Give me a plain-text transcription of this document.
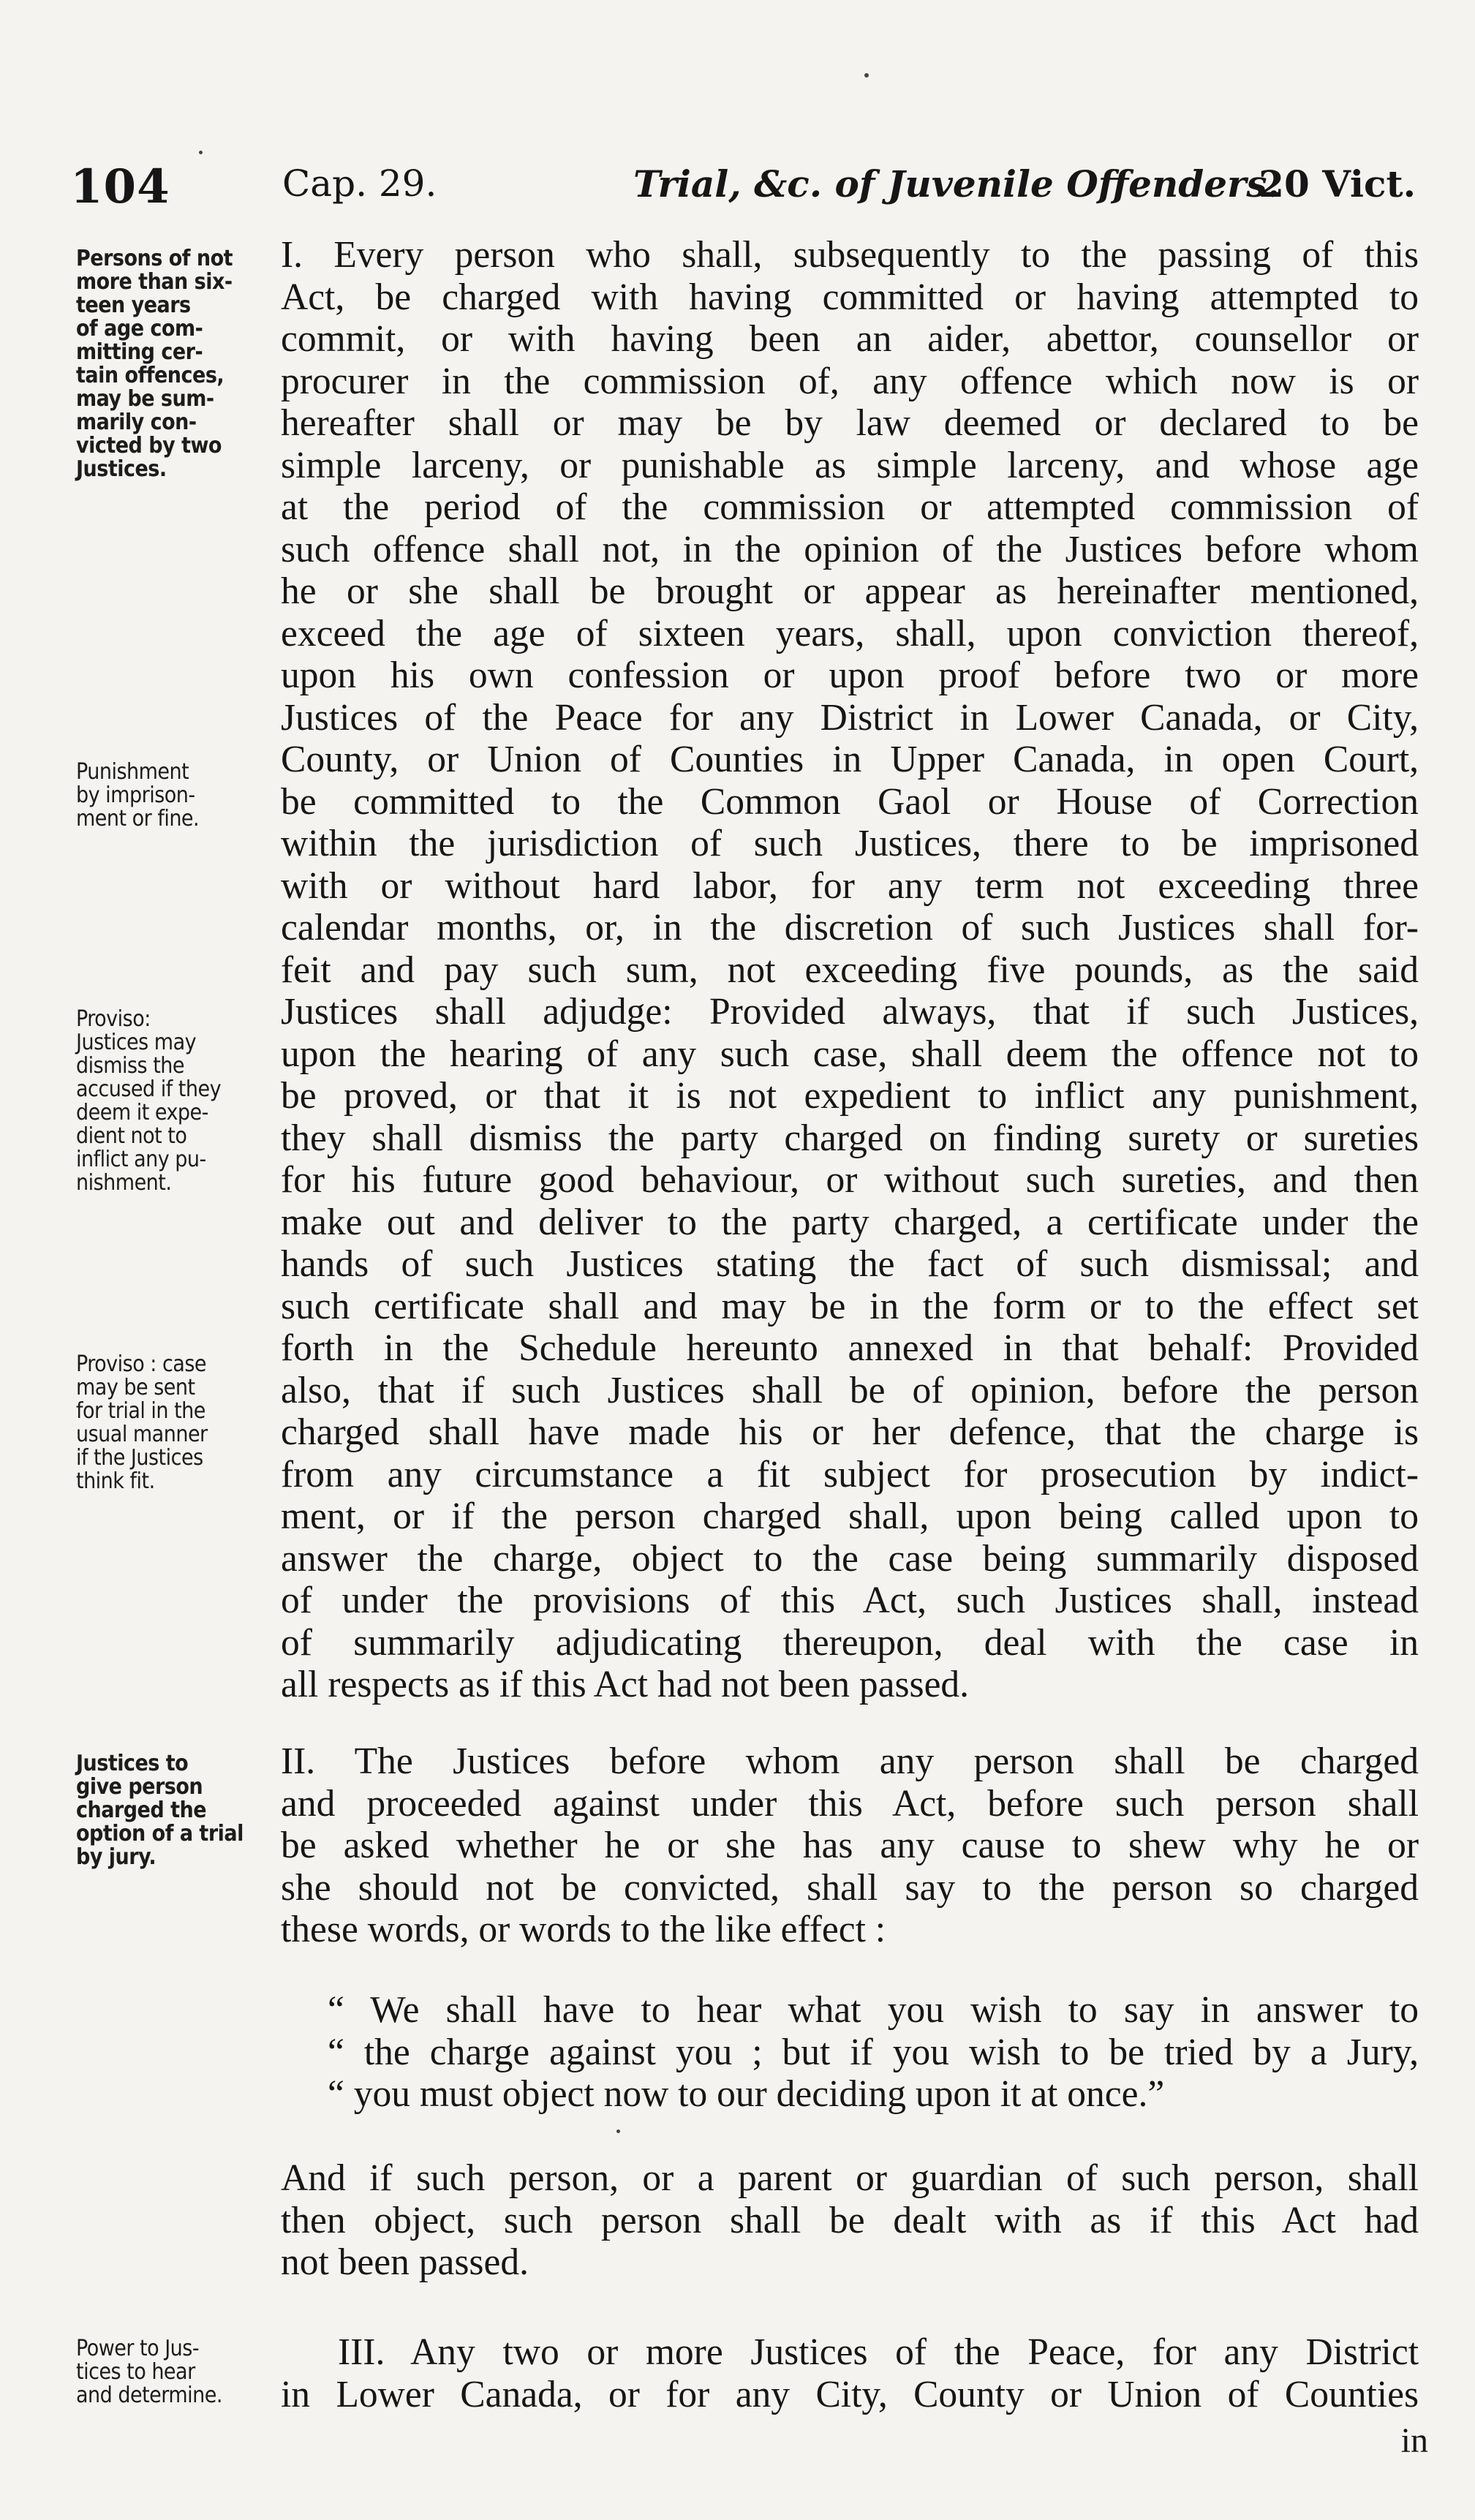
104	Cap. 29.	Trial, &c. of Juvenile Offenders.
20 Vict.
Persons of not
more than six-
teen years
of age com-
mitting cer-
tain offences,
may be sum-
marily con-
victed by two
Justices.
Punishment
by imprison-
ment or fine.
Proviso:
Justices may
dismiss the
accused if they
deem it expe-
dient not to
inflict any pu-
nishment.
Proviso : case
may be sent
for trial in the
usual manner
if the Justices
think fit.
Justices to
give person
charged the
option of a trial
by jury.
Power to Jus-
tices to hear
and determine.
I. Every person who shall, subsequently to the passing of this
Act, be charged with having committed or having attempted to
commit, or with having been an aider, abettor, counsellor or
procurer in the commission of, any offence which now is or
hereafter shall or may be by law deemed or declared to be
simple larceny, or punishable as simple larceny, and whose age
at the period of the commission or attempted commission of
such offence shall not, in the opinion of the Justices before whom
he or she shall be brought or appear as hereinafter mentioned,
exceed the age of sixteen years, shall, upon conviction thereof,
upon his own confession or upon proof before two or more
Justices of the Peace for any District in Lower Canada, or City,
County, or Union of Counties in Upper Canada, in open Court,
be committed to the Common Gaol or House of Correction
within the jurisdiction of such Justices, there to be imprisoned
with or without hard labor, for any term not exceeding three
calendar months, or, in the discretion of such Justices shall for-
feit and pay such sum, not exceeding five pounds, as the said
Justices shall adjudge: Provided always, that if such Justices,
upon the hearing of any such case, shall deem the offence not to
be proved, or that it is not expedient to inflict any punishment,
they shall dismiss the party charged on finding surety or sureties
for his future good behaviour, or without such sureties, and then
make out and deliver to the party charged, a certificate under the
hands of such Justices stating the fact of such dismissal; and
such certificate shall and may be in the form or to the effect set
forth in the Schedule hereunto annexed in that behalf: Provided
also, that if such Justices shall be of opinion, before the person
charged shall have made his or her defence, that the charge is
from any circumstance a fit subject for prosecution by indict-
ment, or if the person charged shall, upon being called upon to
answer the charge, object to the case being summarily disposed
of under the provisions of this Act, such Justices shall, instead
of summarily adjudicating thereupon, deal with the case in
all respects as if this Act had not been passed.
II. The Justices before whom any person shall be charged
and proceeded against under this Act, before such person shall
be asked whether he or she has any cause to shew why he or
she should not be convicted, shall say to the person so charged
these words, or words to the like effect :
“ We shall have to hear what you wish to say in answer to
“ the charge against you ; but if you wish to be tried by a Jury,
“ you must object now to our deciding upon it at once.”
And if such person, or a parent or guardian of such person, shall
then object, such person shall be dealt with as if this Act had
not been passed.
III. Any two or more Justices of the Peace, for any District
in Lower Canada, or for any City, County or Union of Counties
in
